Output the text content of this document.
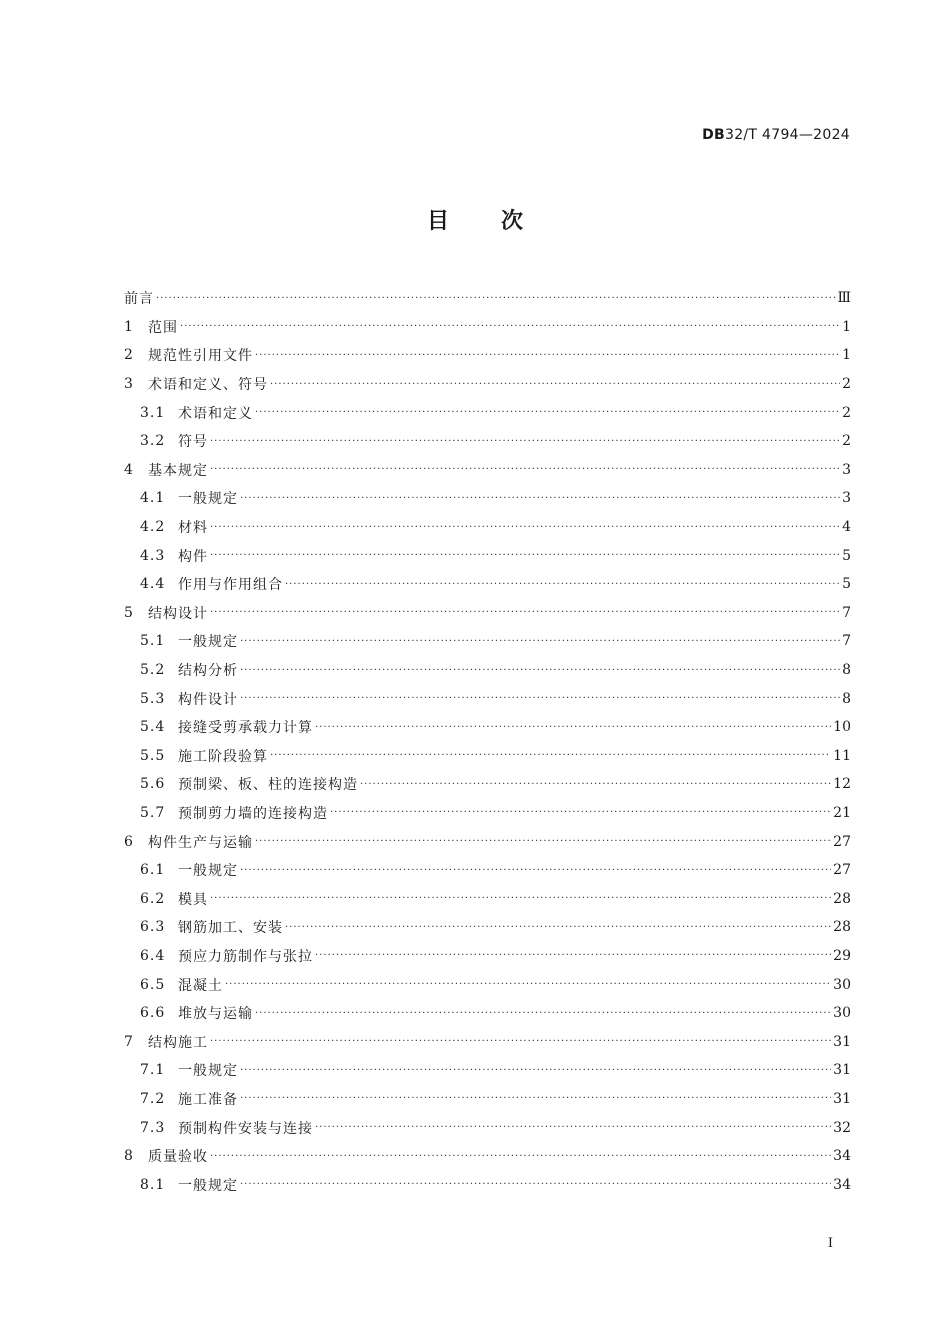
DB32/T 4794—2024
目 次
前言 ·····	Ⅲ
1	范围 ·····	1
2	规范性引用文件 ·····	1
3	术语和定义、符号 ·····	2
3.1 术语和定义 ·····	2
3.2 符号 ·····	2
4	基本规定 ·····	3
4.1 一般规定 ·····	3
4.2 材料 ·····	4
4.3 构件 ·····	5
4.4 作用与作用组合 ·····	5
5	结构设计 ·····	7
5.1 一般规定 ·····	7
5.2 结构分析 ·····	8
5.3 构件设计 ·····	8
5.4 接缝受剪承载力计算 ·····	10
5.5 施工阶段验算 ·····	11
5.6 预制梁、板、柱的连接构造 ·····	12
5.7 预制剪力墙的连接构造 ·····	21
6	构件生产与运输 ·····	27
6.1 一般规定 ·····	27
6.2 模具 ·····	28
6.3 钢筋加工、安装 ·····	28
6.4 预应力筋制作与张拉 ·····	29
6.5 混凝土 ·····	30
6.6 堆放与运输 ·····	30
7	结构施工 ·····	31
7.1 一般规定 ·····	31
7.2 施工准备 ·····	31
7.3 预制构件安装与连接 ·····	32
8	质量验收 ·····	34
8.1 一般规定 ·····	34
I
